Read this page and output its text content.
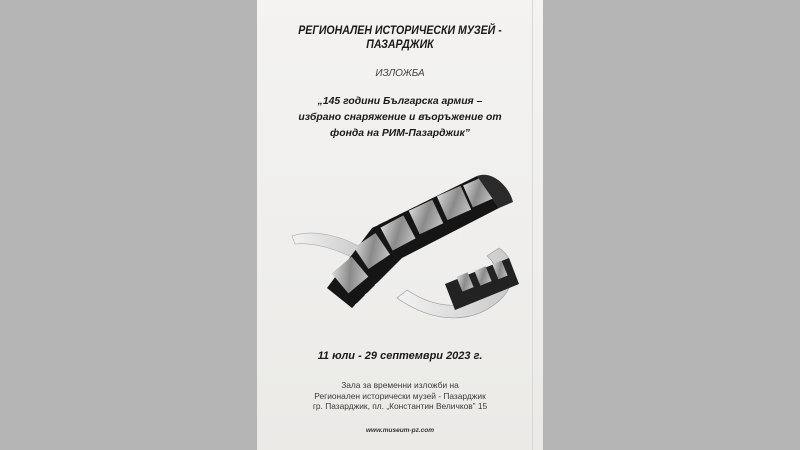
РЕГИОНАЛЕН ИСТОРИЧЕСКИ МУЗЕЙ - ПАЗАРДЖИК

ИЗЛОЖБА

„145 години Българска армия –
избрано снаряжение и въоръжение от
фонда на РИМ-Пазарджик”

11 юли - 29 септември 2023 г.

Зала за временни изложби на
Регионален исторически музей - Пазарджик
гр. Пазарджик, пл. „Константин Величков” 15

www.museum-pz.com
